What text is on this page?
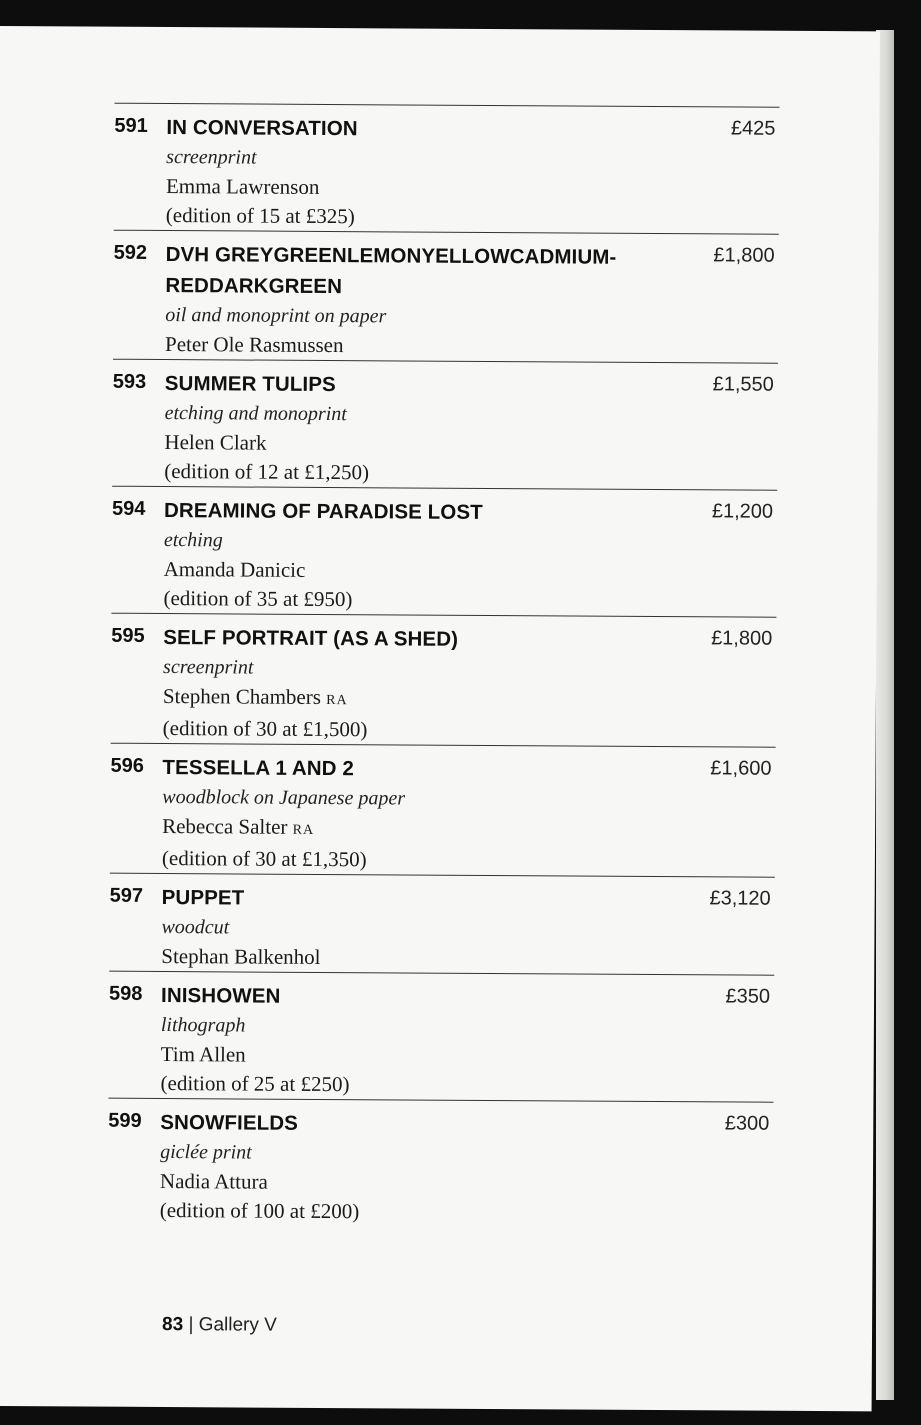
591 IN CONVERSATION
screenprint
Emma Lawrenson
(edition of 15 at £325)
£425
592 DVH GREYGREENLEMONYELLOWCADMIUM-REDDARKGREEN
oil and monoprint on paper
Peter Ole Rasmussen
£1,800
593 SUMMER TULIPS
etching and monoprint
Helen Clark
(edition of 12 at £1,250)
£1,550
594 DREAMING OF PARADISE LOST
etching
Amanda Danicic
(edition of 35 at £950)
£1,200
595 SELF PORTRAIT (AS A SHED)
screenprint
Stephen Chambers RA
(edition of 30 at £1,500)
£1,800
596 TESSELLA 1 AND 2
woodblock on Japanese paper
Rebecca Salter RA
(edition of 30 at £1,350)
£1,600
597 PUPPET
woodcut
Stephan Balkenhol
£3,120
598 INISHOWEN
lithograph
Tim Allen
(edition of 25 at £250)
£350
599 SNOWFIELDS
giclée print
Nadia Attura
(edition of 100 at £200)
£300
83 | Gallery V
